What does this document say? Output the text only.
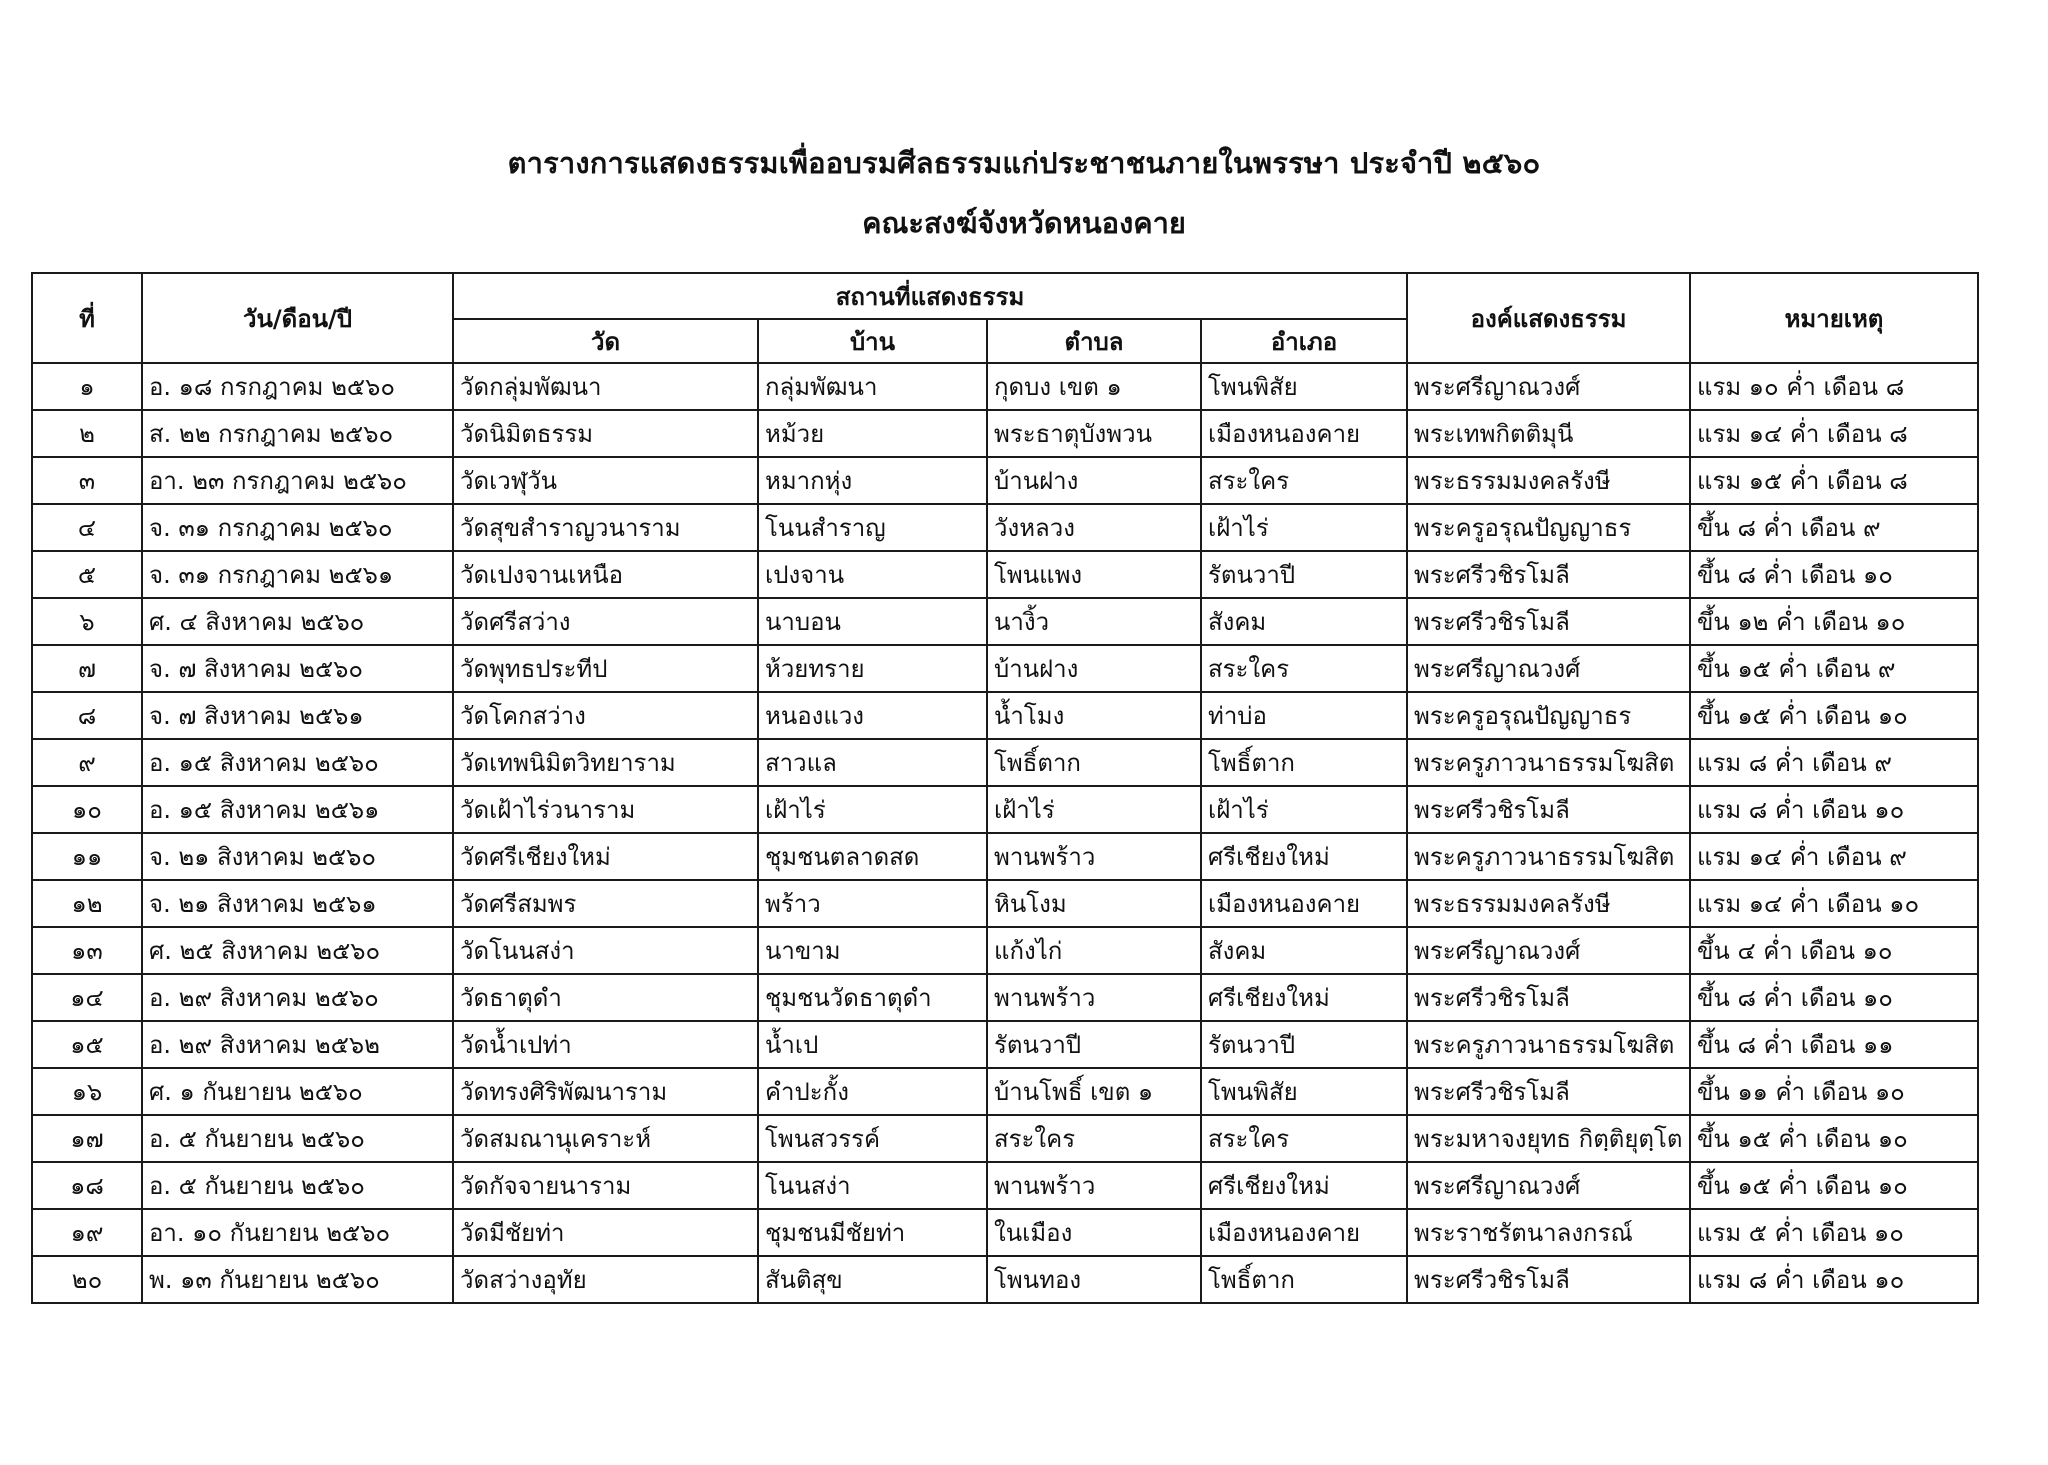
ตารางการแสดงธรรมเพื่ออบรมศีลธรรมแก่ประชาชนภายในพรรษา ประจำปี ๒๕๖๐
คณะสงฆ์จังหวัดหนองคาย
ที่	วัน/ดือน/ปี	สถานที่แสดงธรรม				องค์แสดงธรรม	หมายเหตุ
		วัด	บ้าน	ตำบล	อำเภอ		
๑	อ. ๑๘ กรกฎาคม ๒๕๖๐	วัดกลุ่มพัฒนา	กลุ่มพัฒนา	กุดบง เขต ๑	โพนพิสัย	พระศรีญาณวงศ์	แรม ๑๐ ค่ำ เดือน ๘
๒	ส. ๒๒ กรกฎาคม ๒๕๖๐	วัดนิมิตธรรม	หม้วย	พระธาตุบังพวน	เมืองหนองคาย	พระเทพกิตติมุนี	แรม ๑๔ ค่ำ เดือน ๘
๓	อา. ๒๓ กรกฎาคม ๒๕๖๐	วัดเวฬุวัน	หมากหุ่ง	บ้านฝาง	สระใคร	พระธรรมมงคลรังษี	แรม ๑๕ ค่ำ เดือน ๘
๔	จ. ๓๑ กรกฎาคม ๒๕๖๐	วัดสุขสำราญวนาราม	โนนสำราญ	วังหลวง	เฝ้าไร่	พระครูอรุณปัญญาธร	ขึ้น ๘ ค่ำ เดือน ๙
๕	จ. ๓๑ กรกฎาคม ๒๕๖๑	วัดเปงจานเหนือ	เปงจาน	โพนแพง	รัตนวาปี	พระศรีวชิรโมลี	ขึ้น ๘ ค่ำ เดือน ๑๐
๖	ศ. ๔ สิงหาคม ๒๕๖๐	วัดศรีสว่าง	นาบอน	นางิ้ว	สังคม	พระศรีวชิรโมลี	ขึ้น ๑๒ ค่ำ เดือน ๑๐
๗	จ. ๗ สิงหาคม ๒๕๖๐	วัดพุทธประทีป	ห้วยทราย	บ้านฝาง	สระใคร	พระศรีญาณวงศ์	ขึ้น ๑๕ ค่ำ เดือน ๙
๘	จ. ๗ สิงหาคม ๒๕๖๑	วัดโคกสว่าง	หนองแวง	น้ำโมง	ท่าบ่อ	พระครูอรุณปัญญาธร	ขึ้น ๑๕ ค่ำ เดือน ๑๐
๙	อ. ๑๕ สิงหาคม ๒๕๖๐	วัดเทพนิมิตวิทยาราม	สาวแล	โพธิ์ตาก	โพธิ์ตาก	พระครูภาวนาธรรมโฆสิต	แรม ๘ ค่ำ เดือน ๙
๑๐	อ. ๑๕ สิงหาคม ๒๕๖๑	วัดเฝ้าไร่วนาราม	เฝ้าไร่	เฝ้าไร่	เฝ้าไร่	พระศรีวชิรโมลี	แรม ๘ ค่ำ เดือน ๑๐
๑๑	จ. ๒๑ สิงหาคม ๒๕๖๐	วัดศรีเชียงใหม่	ชุมชนตลาดสด	พานพร้าว	ศรีเชียงใหม่	พระครูภาวนาธรรมโฆสิต	แรม ๑๔ ค่ำ เดือน ๙
๑๒	จ. ๒๑ สิงหาคม ๒๕๖๑	วัดศรีสมพร	พร้าว	หินโงม	เมืองหนองคาย	พระธรรมมงคลรังษี	แรม ๑๔ ค่ำ เดือน ๑๐
๑๓	ศ. ๒๕ สิงหาคม ๒๕๖๐	วัดโนนสง่า	นาขาม	แก้งไก่	สังคม	พระศรีญาณวงศ์	ขึ้น ๔ ค่ำ เดือน ๑๐
๑๔	อ. ๒๙ สิงหาคม ๒๕๖๐	วัดธาตุดำ	ชุมชนวัดธาตุดำ	พานพร้าว	ศรีเชียงใหม่	พระศรีวชิรโมลี	ขึ้น ๘ ค่ำ เดือน ๑๐
๑๕	อ. ๒๙ สิงหาคม ๒๕๖๒	วัดน้ำเปท่า	น้ำเป	รัตนวาปี	รัตนวาปี	พระครูภาวนาธรรมโฆสิต	ขึ้น ๘ ค่ำ เดือน ๑๑
๑๖	ศ. ๑ กันยายน ๒๕๖๐	วัดทรงศิริพัฒนาราม	คำปะกั้ง	บ้านโพธิ์ เขต ๑	โพนพิสัย	พระศรีวชิรโมลี	ขึ้น ๑๑ ค่ำ เดือน ๑๐
๑๗	อ. ๕ กันยายน ๒๕๖๐	วัดสมณานุเคราะห์	โพนสวรรค์	สระใคร	สระใคร	พระมหาจงยุทธ กิตฺติยุตฺโต	ขึ้น ๑๕ ค่ำ เดือน ๑๐
๑๘	อ. ๕ กันยายน ๒๕๖๐	วัดกัจจายนาราม	โนนสง่า	พานพร้าว	ศรีเชียงใหม่	พระศรีญาณวงศ์	ขึ้น ๑๕ ค่ำ เดือน ๑๐
๑๙	อา. ๑๐ กันยายน ๒๕๖๐	วัดมีชัยท่า	ชุมชนมีชัยท่า	ในเมือง	เมืองหนองคาย	พระราชรัตนาลงกรณ์	แรม ๕ ค่ำ เดือน ๑๐
๒๐	พ. ๑๓ กันยายน ๒๕๖๐	วัดสว่างอุทัย	สันติสุข	โพนทอง	โพธิ์ตาก	พระศรีวชิรโมลี	แรม ๘ ค่ำ เดือน ๑๐
